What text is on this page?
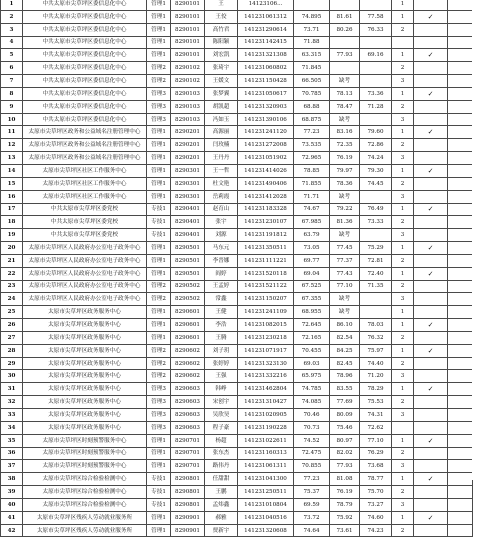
1	中共太原市尖草坪区委信息化中心	管理1	8290101	王	14123106...				1		
2	中共太原市尖草坪区委信息化中心	管理1	8290101	王佼	141231061312	74.895	81.61	77.58	1	✓	
3	中共太原市尖草坪区委信息化中心	管理1	8290101	高竹君	141231290614	73.71	80.26	76.33	2		
4	中共太原市尖草坪区委信息化中心	管理1	8290101	陈阳颖	141231142415	71.88					
5	中共太原市尖草坪区委信息化中心	管理1	8290101	刘宏凯	141231321308	63.315	77.93	69.16	1	✓	
6	中共太原市尖草坪区委信息化中心	管理2	8290102	张琦宇	141231060802	71.845			2		
7	中共太原市尖草坪区委信息化中心	管理2	8290102	王媛文	141231150428	66.505	缺考		3		
8	中共太原市尖草坪区委信息化中心	管理3	8290103	张梦翼	141231050617	70.785	78.13	73.36	1	✓	
9	中共太原市尖草坪区委信息化中心	管理3	8290103	胡凯超	141231320903	68.88	78.47	71.28	2		
10	中共太原市尖草坪区委信息化中心	管理3	8290103	冯如玉	141231390106	68.875	缺考		3		
11	太原市尖草坪区政务和公益域名注册管理中心	管理1	8290201	高源丽	141231241120	77.23	83.16	79.60	1	✓	
12	太原市尖草坪区政务和公益域名注册管理中心	管理1	8290201	闫玫楠	141231272008	73.535	72.35	72.86	2		
13	太原市尖草坪区政务和公益域名注册管理中心	管理1	8290201	王丹丹	141231051902	72.965	76.19	74.24	3		
14	太原市尖草坪区社区工作服务中心	管理1	8290301	王一哲	141231414026	78.85	79.97	79.30	1	✓	
15	太原市尖草坪区社区工作服务中心	管理1	8290301	杜文艳	141231490406	71.855	78.36	74.45	2		
16	太原市尖草坪区社区工作服务中心	管理1	8290301	岳莉霞	141231412028	71.71	缺考		3		
17	中共太原市尖草坪区委党校	专技1	8290401	赵育山	141231183328	74.67	79.22	76.49	1	✓	
18	中共太原市尖草坪区委党校	专技1	8290401	张宇	141231230107	67.985	81.36	73.33	2		
19	中共太原市尖草坪区委党校	专技1	8290401	刘源	141231191812	63.79	缺考		3		
20	太原市尖草坪区人民政府办公室电子政务中心	管理1	8290501	马东元	141231350511	73.05	77.45	75.29	1	✓	
21	太原市尖草坪区人民政府办公室电子政务中心	管理1	8290501	李晋娜	141231111221	69.77	77.37	72.81	2		
22	太原市尖草坪区人民政府办公室电子政务中心	管理1	8290501	阎婷	141231520118	69.04	77.43	72.40	1	✓	
23	太原市尖草坪区人民政府办公室电子政务中心	管理2	8290502	王孟婷	141231521122	67.525	77.10	71.35	2		
24	太原市尖草坪区人民政府办公室电子政务中心	管理2	8290502	常鑫	141231150207	67.355	缺考		3		
25	太原市尖草坪区政务服务中心	管理1	8290601	王健	141231241109	68.955	缺考		1		
26	太原市尖草坪区政务服务中心	管理1	8290601	李浩	141231082015	72.645	86.10	78.03	1	✓	
27	太原市尖草坪区政务服务中心	管理1	8290601	王腾	141231230218	72.165	82.54	76.32	2		
28	太原市尖草坪区政务服务中心	管理2	8290602	刘子玥	141231071917	70.455	84.25	75.97	1	✓	
29	太原市尖草坪区政务服务中心	管理2	8290602	张婷婷	141231323130	69.03	82.45	74.40	2		
30	太原市尖草坪区政务服务中心	管理2	8290602	王强	141231332216	65.975	78.96	71.20	3		
31	太原市尖草坪区政务服务中心	管理3	8290603	韩峥	141231462804	74.785	83.55	78.29	1	✓	
32	太原市尖草坪区政务服务中心	管理3	8290603	宋创宇	141231310427	74.085	77.69	75.53	2		
33	太原市尖草坪区政务服务中心	管理3	8290603	吴欣昊	141231020905	70.46	80.09	74.31	3		
34	太原市尖草坪区政务服务中心	管理3	8290603	程子豪	141231190228	70.73	75.46	72.62			
35	太原市尖草坪区时刻预警服务中心	管理1	8290701	杨超	141231022611	74.52	80.97	77.10	1	✓	
36	太原市尖草坪区时刻预警服务中心	管理1	8290701	张东杰	141231160313	72.475	82.02	76.29	2		
37	太原市尖草坪区时刻预警服务中心	管理1	8290701	路伟丹	141231061311	70.855	77.93	73.68	3		
38	太原市尖草坪区综合检验检测中心	专技1	8290801	任甜甜	141231041300	77.23	81.08	78.77	1	✓	
39	太原市尖草坪区综合检验检测中心	专技1	8290801	王鹏	141231250511	75.37	76.19	75.70	2		
40	太原市尖草坪区综合检验检测中心	专技1	8290801	孟炜鑫	141231010804	69.59	78.79	73.27	3		
41	太原市尖草坪区残疾人劳动就业服务所	管理1	8290901	郝雅	141231040516	73.72	75.92	74.60	1	✓	
42	太原市尖草坪区残疾人劳动就业服务所	管理1	8290901	贾新宇	141231320608	74.64	73.61	74.23	2		
